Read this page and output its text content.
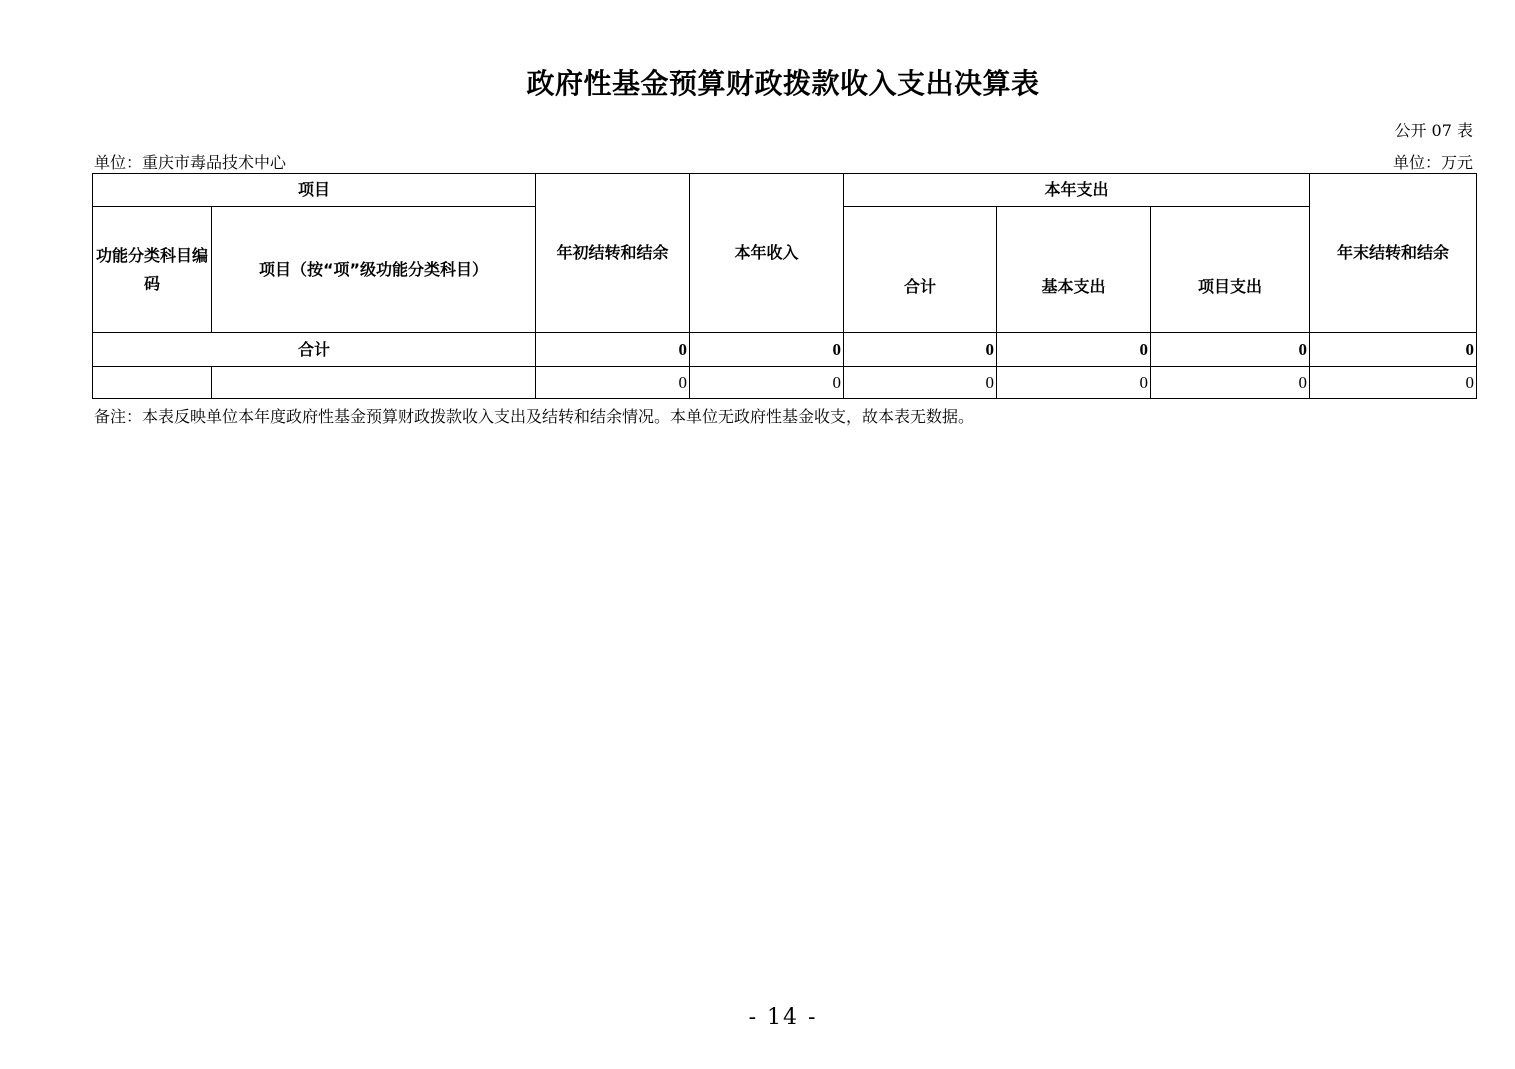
政府性基金预算财政拨款收入支出决算表
公开 07 表
单位：重庆市毒品技术中心	单位：万元
项目		年初结转和结余	本年收入	本年支出			年末结转和结余
功能分类科目编码	项目（按“项”级功能分类科目）			合计	基本支出	项目支出	
合计		0	0	0	0	0	0
		0	0	0	0	0	0
备注：本表反映单位本年度政府性基金预算财政拨款收入支出及结转和结余情况。本单位无政府性基金收支，故本表无数据。
- 14 -
